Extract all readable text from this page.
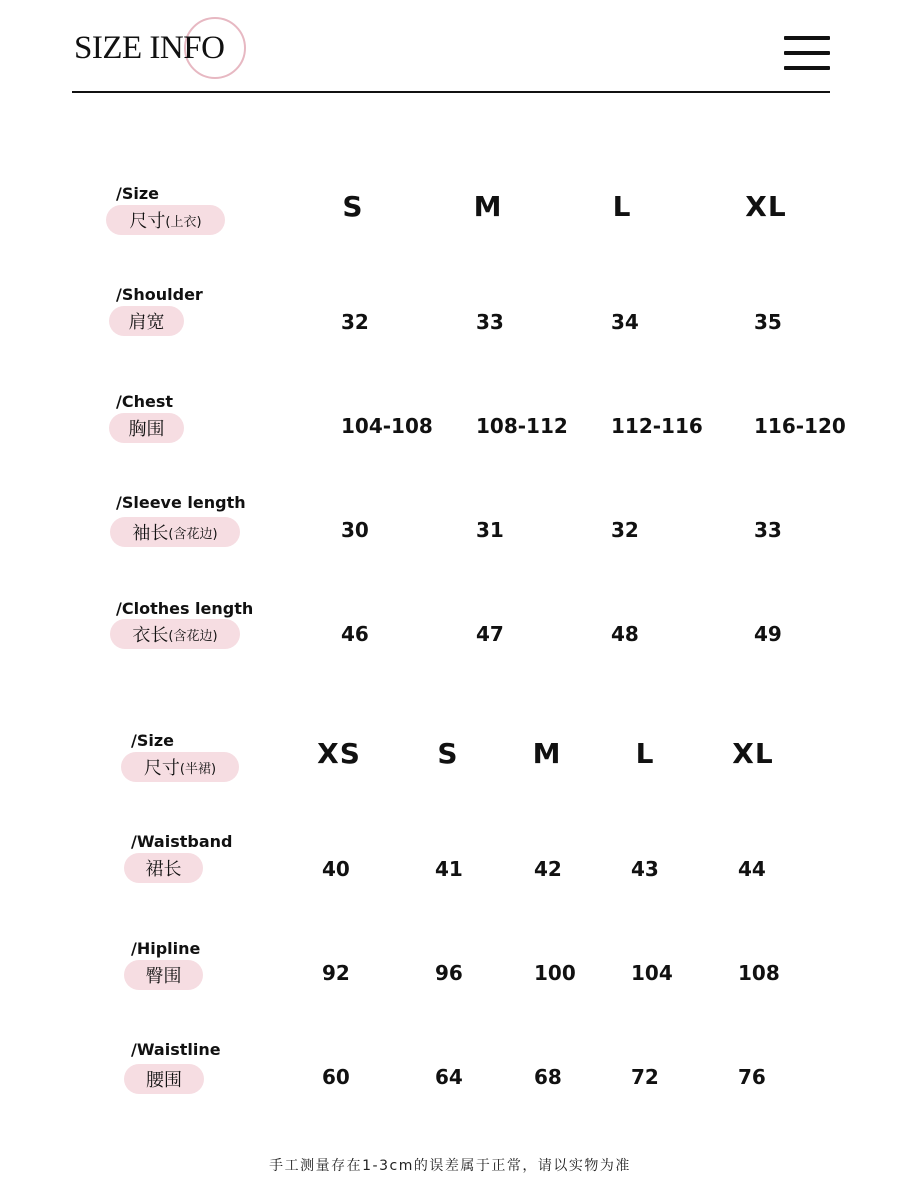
SIZE INFO
/Size
尺寸 (上衣)	S	M	L	XL
/Shoulder
肩宽	32	33	34	35
/Chest
胸围	104-108 108-112 112-116	116-120
/Sleeve length
袖长 (含花边)	30	31	32	33
/Clothes length
衣长 (含花边)	46	47	48	49
/Size
尺寸 (半裙)	XS	S	M	L	XL
/Waistband
裙长	40	41	42	43	44
/Hipline
臀围	92	96	100	104	108
/Waistline
腰围	60	64	68	72	76
手工测量存在1-3cm的误差属于正常，请以实物为准
